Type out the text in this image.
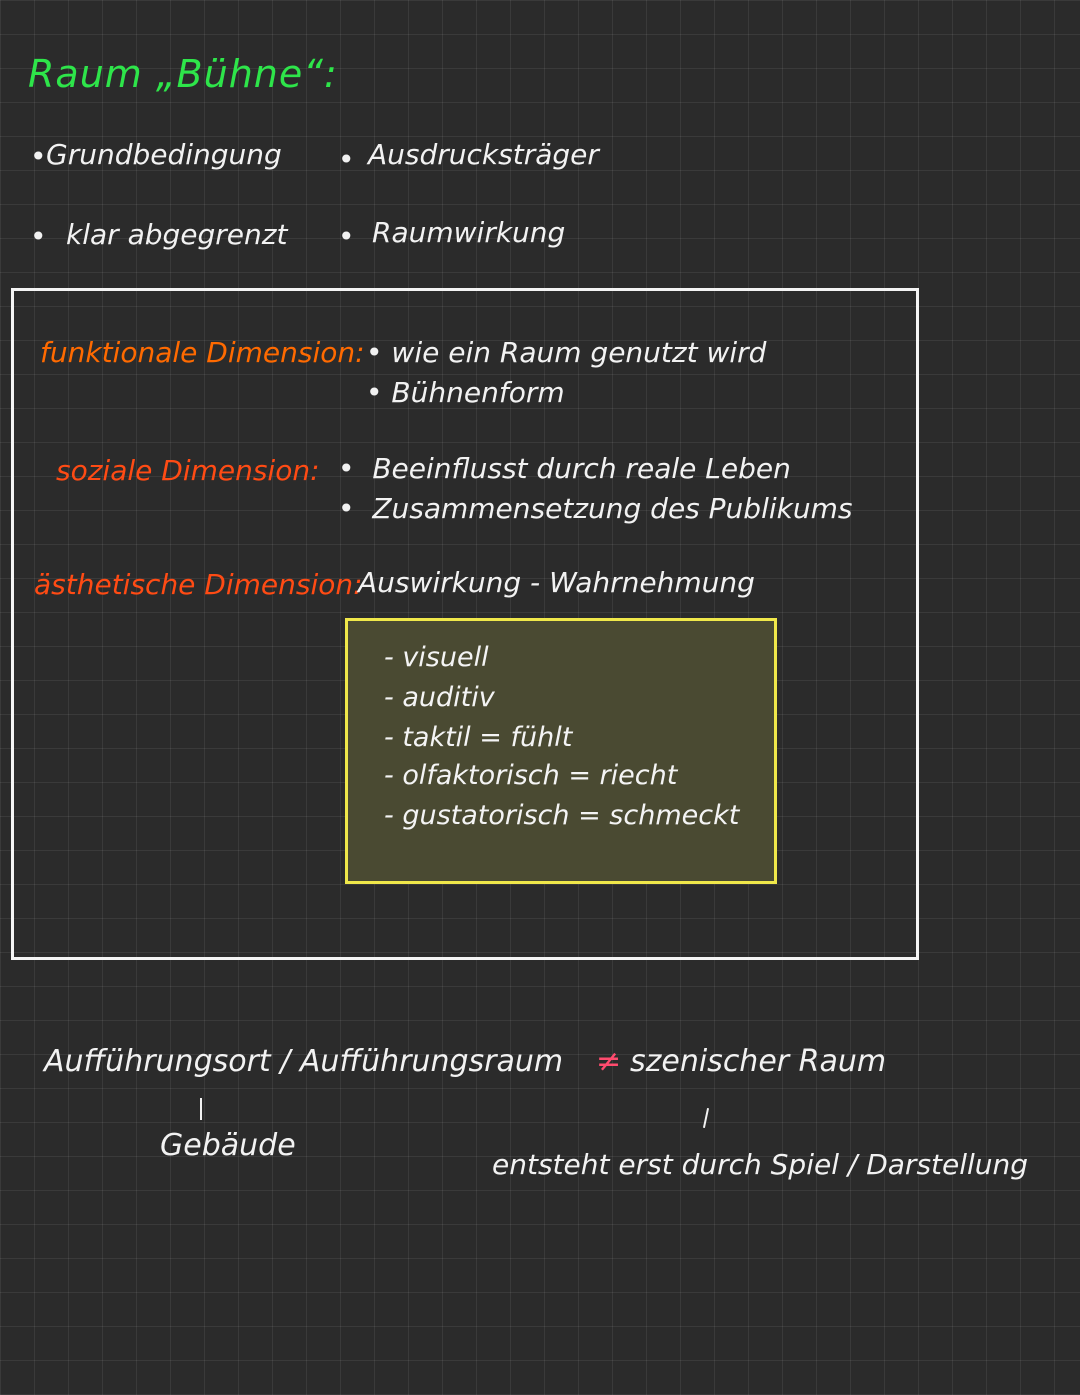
Raum „Bühne“:
• Grundbedingung
• klar abgegrenzt
• Ausdrucksträger
• Raumwirkung
funktionale Dimension: • wie ein Raum genutzt wird
• Bühnenform
soziale Dimension: •  Beeinflusst durch reale Leben
•  Zusammensetzung des Publikums
ästhetische Dimension:
Auswirkung - Wahrnehmung
- visuell
- auditiv
- taktil = fühlt
- olfaktorisch = riecht
- gustatorisch = schmeckt
Aufführungsort / Aufführungsraum ≠ szenischer Raum
Gebäude
entsteht erst durch Spiel / Darstellung
